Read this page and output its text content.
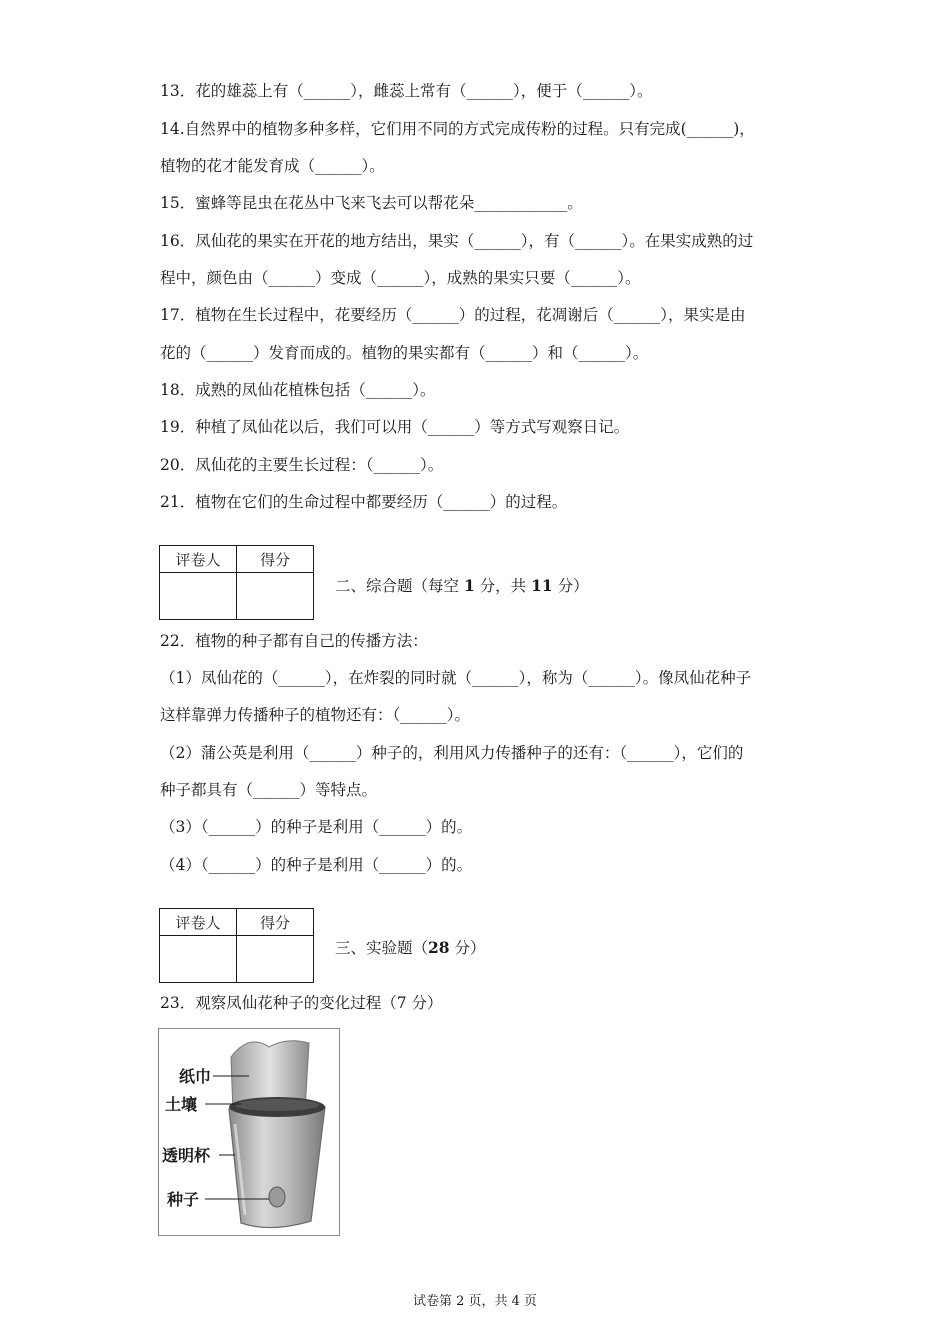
13．花的雄蕊上有（______），雌蕊上常有（______），便于（______）。
14.自然界中的植物多种多样，它们用不同的方式完成传粉的过程。只有完成(______)，
植物的花才能发育成（______）。
15．蜜蜂等昆虫在花丛中飞来飞去可以帮花朵____________。
16．凤仙花的果实在开花的地方结出，果实（______），有（______）。在果实成熟的过
程中，颜色由（______）变成（______），成熟的果实只要（______）。
17．植物在生长过程中，花要经历（______）的过程，花凋谢后（______），果实是由
花的（______）发育而成的。植物的果实都有（______）和（______）。
18．成熟的凤仙花植株包括（______）。
19．种植了凤仙花以后，我们可以用（______）等方式写观察日记。
20．凤仙花的主要生长过程：（______）。
21．植物在它们的生命过程中都要经历（______）的过程。
评卷人	得分

二、综合题（每空 1 分，共 11 分）
22．植物的种子都有自己的传播方法：
（1）凤仙花的（______），在炸裂的同时就（______），称为（______）。像凤仙花种子
这样靠弹力传播种子的植物还有：（______）。
（2）蒲公英是利用（______）种子的，利用风力传播种子的还有：（______），它们的
种子都具有（______）等特点。
（3）（______）的种子是利用（______）的。
（4）（______）的种子是利用（______）的。
评卷人	得分

三、实验题（28 分）
23．观察凤仙花种子的变化过程（7 分）
纸巾
土壤
透明杯
种子
试卷第 2 页，共 4 页
